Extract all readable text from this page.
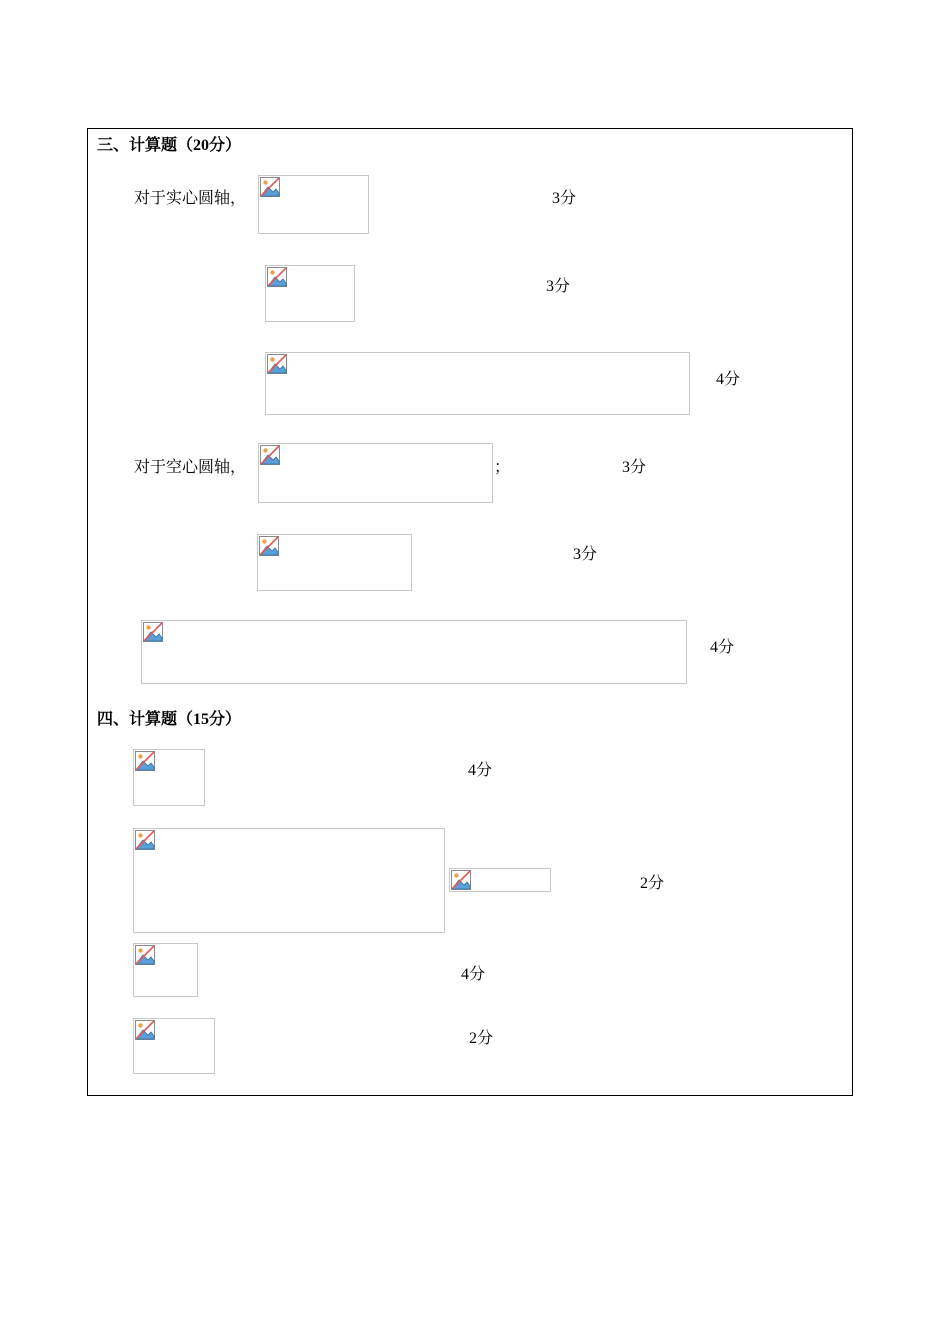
三、计算题（20分）
对于实心圆轴，	3分
3分
4分
对于空心圆轴，	；	3分
3分
4分
四、计算题（15分）
4分
2分
4分
2分
